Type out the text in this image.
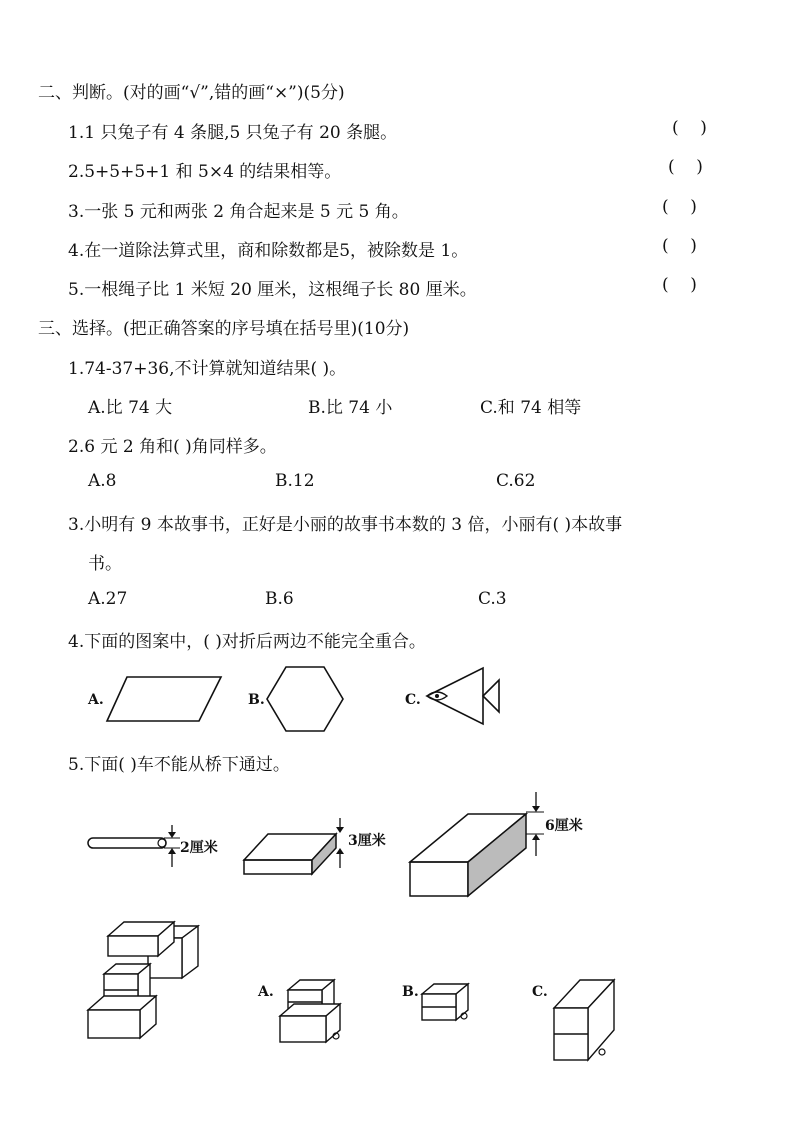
二、判断。(对的画“√”,错的画“×”)(5分)
1.1 只兔子有 4 条腿,5 只兔子有 20 条腿。	(    )
2.5+5+5+1 和 5×4 的结果相等。	(    )
3.一张 5 元和两张 2 角合起来是 5 元 5 角。	(    )
4.在一道除法算式里，商和除数都是5，被除数是 1。	(    )
5.一根绳子比 1 米短 20 厘米，这根绳子长 80 厘米。	(    )
三、选择。(把正确答案的序号填在括号里)(10分)
1.74-37+36,不计算就知道结果( )。
A.比 74 大	B.比 74 小	C.和 74 相等
2.6 元 2 角和( )角同样多。
A.8	B.12	C.62
3.小明有 9 本故事书，正好是小丽的故事书本数的 3 倍，小丽有( )本故事
书。
A.27	B.6	C.3
4.下面的图案中，( )对折后两边不能完全重合。
A.	B.	C.
5.下面( )车不能从桥下通过。
2厘米	3厘米
6厘米
A.	B.	C.
